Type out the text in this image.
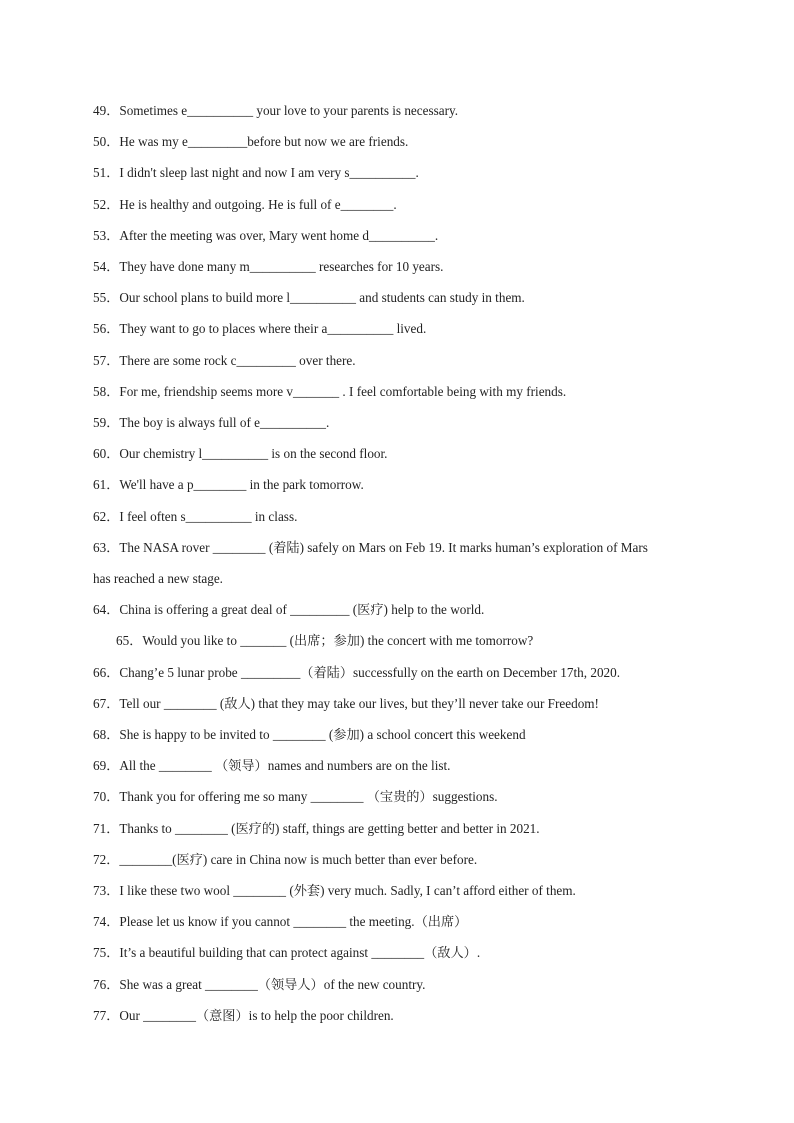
49．Sometimes e__________ your love to your parents is necessary.
50．He was my e_________before but now we are friends.
51．I didn't sleep last night and now I am very s__________.
52．He is healthy and outgoing. He is full of e________.
53．After the meeting was over, Mary went home d__________.
54．They have done many m__________ researches for 10 years.
55．Our school plans to build more l__________ and students can study in them.
56．They want to go to places where their a__________ lived.
57．There are some rock c_________ over there.
58．For me, friendship seems more v_______ . I feel comfortable being with my friends.
59．The boy is always full of e__________.
60．Our chemistry l__________ is on the second floor.
61．We'll have a p________ in the park tomorrow.
62．I feel often s__________ in class.
63．The NASA rover ________ (着陆) safely on Mars on Feb 19. It marks human’s exploration of Mars
has reached a new stage.
64．China is offering a great deal of _________ (医疗) help to the world.
65．Would you like to _______ (出席；参加) the concert with me tomorrow?
66．Chang’e 5 lunar probe _________（着陆）successfully on the earth on December 17th, 2020.
67．Tell our ________ (敌人) that they may take our lives, but they’ll never take our Freedom!
68．She is happy to be invited to ________ (参加) a school concert this weekend
69．All the ________ （领导）names and numbers are on the list.
70．Thank you for offering me so many ________ （宝贵的）suggestions.
71．Thanks to ________ (医疗的) staff, things are getting better and better in 2021.
72．________(医疗) care in China now is much better than ever before.
73．I like these two wool ________ (外套) very much. Sadly, I can’t afford either of them.
74．Please let us know if you cannot ________ the meeting.（出席）
75．It’s a beautiful building that can protect against ________（敌人）.
76．She was a great ________（领导人）of the new country.
77．Our ________（意图）is to help the poor children.
